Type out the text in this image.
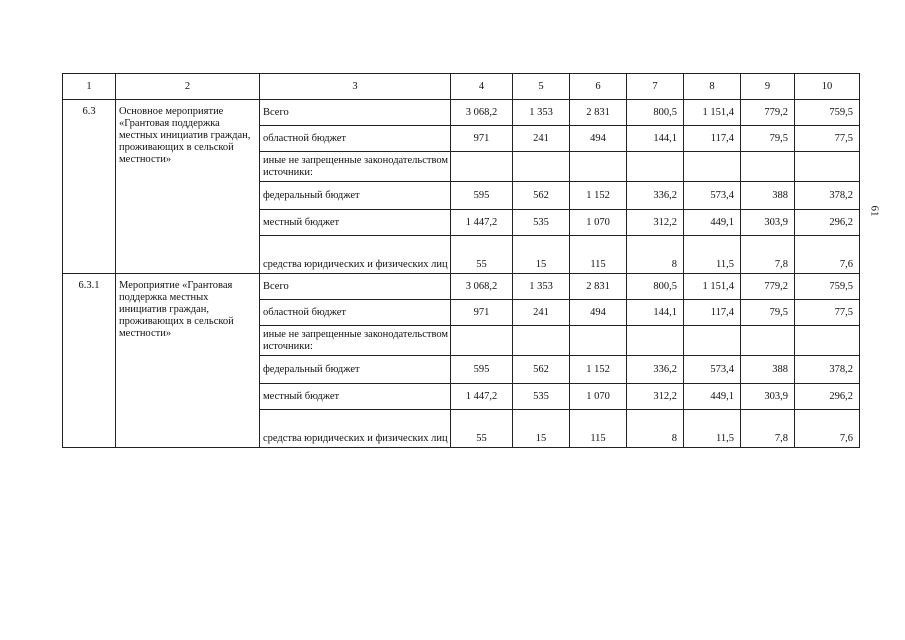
1	2	3	4	5	6	7	8	9	10
6.3	Основное мероприятие «Грантовая поддержка местных инициатив граждан, проживающих в сельской местности»	Всего	3 068,2	1 353	2 831	800,5	1 151,4	779,2	759,5
		областной бюджет	971	241	494	144,1	117,4	79,5	77,5
		иные не запрещенные законодательством источники:							
		федеральный бюджет	595	562	1 152	336,2	573,4	388	378,2
		местный бюджет	1 447,2	535	1 070	312,2	449,1	303,9	296,2
		средства юридических и физических лиц	55	15	115	8	11,5	7,8	7,6
6.3.1	Мероприятие «Грантовая поддержка местных инициатив граждан, проживающих в сельской местности»	Всего	3 068,2	1 353	2 831	800,5	1 151,4	779,2	759,5
		областной бюджет	971	241	494	144,1	117,4	79,5	77,5
		иные не запрещенные законодательством источники:							
		федеральный бюджет	595	562	1 152	336,2	573,4	388	378,2
		местный бюджет	1 447,2	535	1 070	312,2	449,1	303,9	296,2
		средства юридических и физических лиц	55	15	115	8	11,5	7,8	7,6
61
